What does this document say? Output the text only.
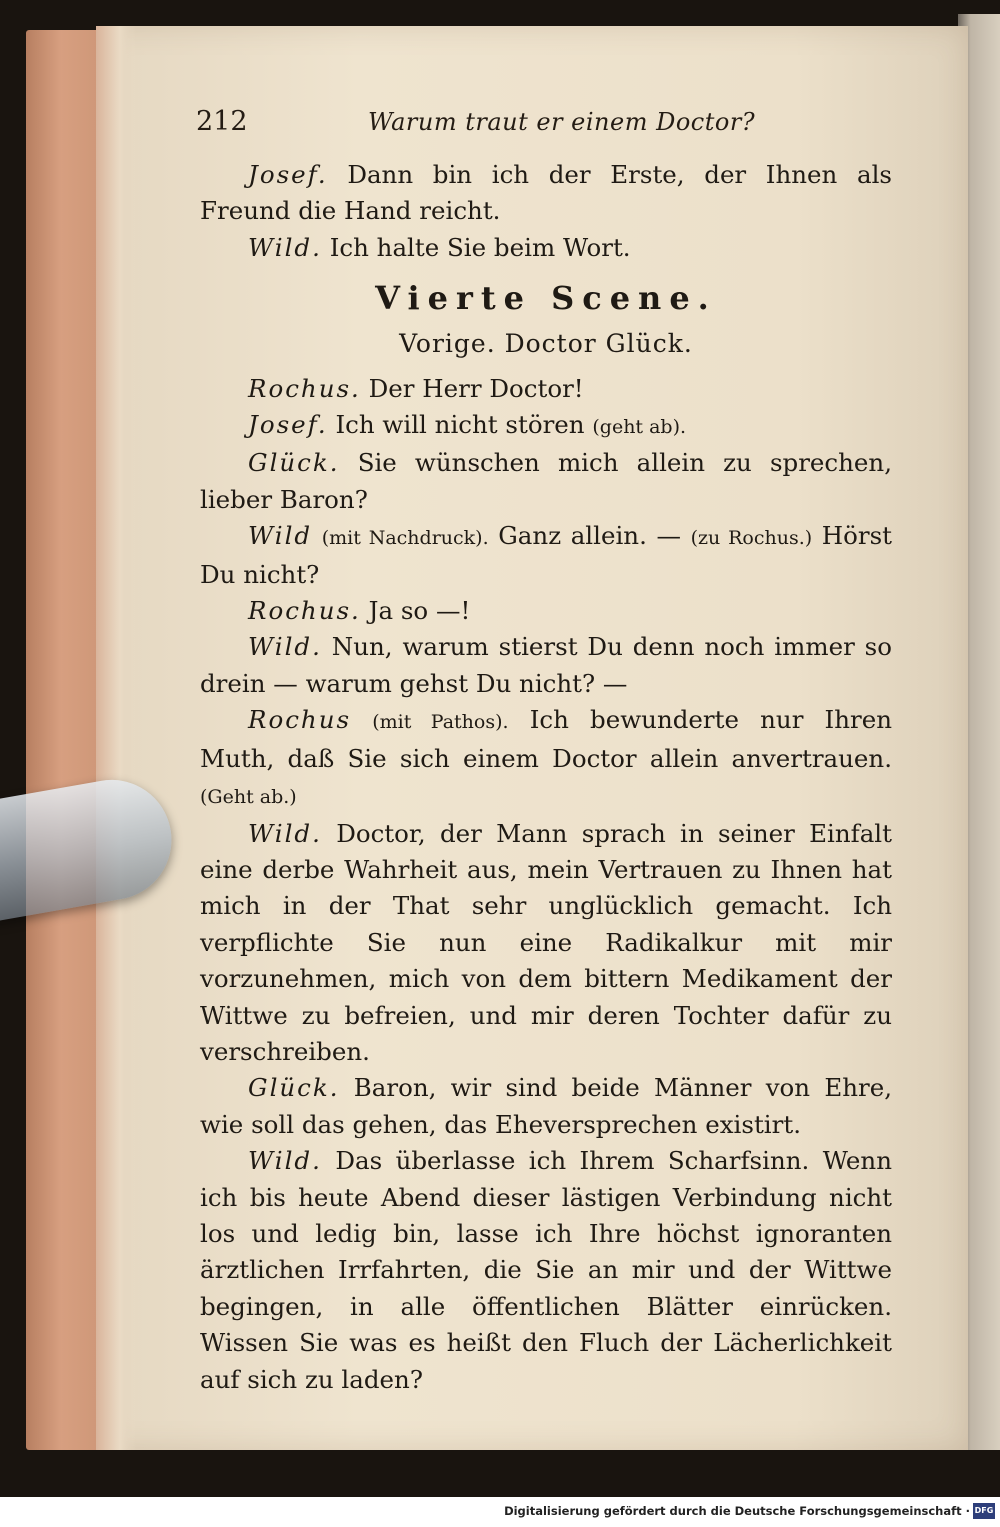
212	Warum traut er einem Doctor?

Josef. Dann bin ich der Erste, der Ihnen als Freund die Hand reicht.

Wild. Ich halte Sie beim Wort.

Vierte Scene.

Vorige. Doctor Glück.

Rochus. Der Herr Doctor!

Josef. Ich will nicht stören (geht ab).

Glück. Sie wünschen mich allein zu sprechen, lieber Baron?

Wild (mit Nachdruck). Ganz allein. — (zu Rochus.) Hörst Du nicht?

Rochus. Ja so —!

Wild. Nun, warum stierst Du denn noch immer so drein — warum gehst Du nicht? —

Rochus (mit Pathos). Ich bewunderte nur Ihren Muth, daß Sie sich einem Doctor allein anvertrauen. (Geht ab.)

Wild. Doctor, der Mann sprach in seiner Einfalt eine derbe Wahrheit aus, mein Vertrauen zu Ihnen hat mich in der That sehr unglücklich gemacht. Ich verpflichte Sie nun eine Radikalkur mit mir vorzunehmen, mich von dem bittern Medikament der Wittwe zu befreien, und mir deren Tochter dafür zu verschreiben.

Glück. Baron, wir sind beide Männer von Ehre, wie soll das gehen, das Eheversprechen existirt.

Wild. Das überlasse ich Ihrem Scharfsinn. Wenn ich bis heute Abend dieser lästigen Verbindung nicht los und ledig bin, lasse ich Ihre höchst ignoranten ärztlichen Irrfahrten, die Sie an mir und der Wittwe begingen, in alle öffentlichen Blätter einrücken. Wissen Sie was es heißt den Fluch der Lächerlichkeit auf sich zu laden?

Digitalisierung gefördert durch die Deutsche Forschungsgemeinschaft · DFG
